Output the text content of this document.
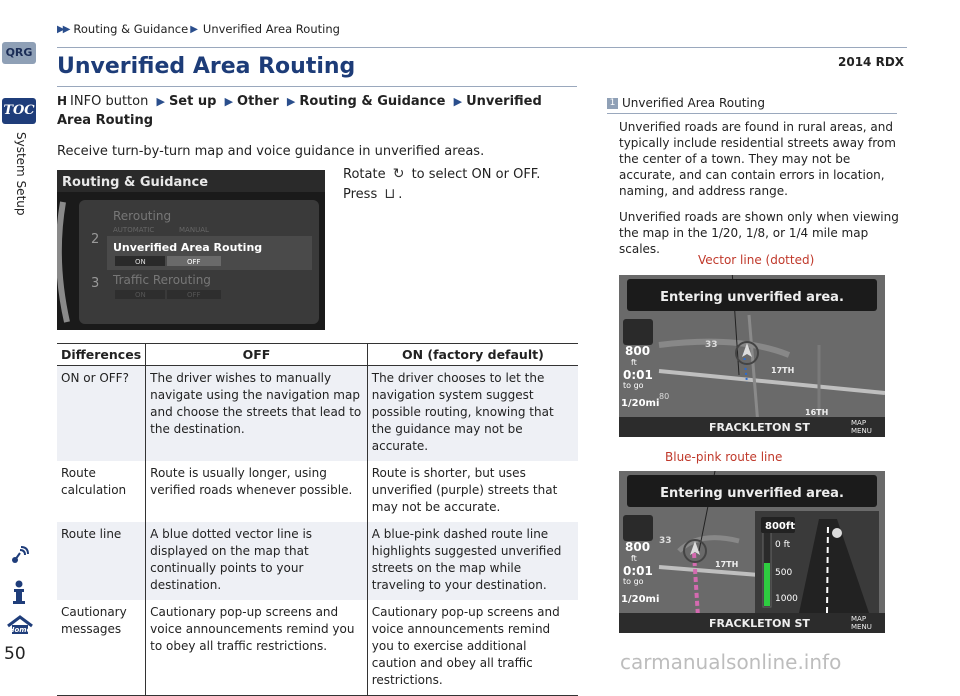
QRG
TOC
System Setup
Home
50
▶▶ Routing & Guidance ▶ Unverified Area Routing
2014 RDX
Unverified Area Routing
H INFO button ▶ Set up ▶ Other ▶ Routing & Guidance ▶ Unverified Area Routing
Receive turn-by-turn map and voice guidance in unverified areas.
Rotate ↻ to select ON or OFF.
Press ⊔ .
Routing & Guidance
2
3
Rerouting
AUTOMATIC	MANUAL
Unverified Area Routing
ON	OFF
Traffic Rerouting
ON	OFF
Differences	OFF	ON (factory default)
ON or OFF?	The driver wishes to manually navigate using the navigation map and choose the streets that lead to the destination.	The driver chooses to let the navigation system suggest possible routing, knowing that the guidance may not be accurate.
Route calculation	Route is usually longer, using verified roads whenever possible.	Route is shorter, but uses unverified (purple) streets that may not be accurate.
Route line	A blue dotted vector line is displayed on the map that continually points to your destination.	A blue-pink dashed route line highlights suggested unverified streets on the map while traveling to your destination.
Cautionary messages	Cautionary pop-up screens and voice announcements remind you to obey all traffic restrictions.	Cautionary pop-up screens and voice announcements remind you to exercise additional caution and obey all traffic restrictions.
1 Unverified Area Routing

Unverified roads are found in rural areas, and typically include residential streets away from the center of a town. They may not be accurate, and can contain errors in location, naming, and address range.

Unverified roads are shown only when viewing the map in the 1/20, 1/8, or 1/4 mile map scales.

Vector line (dotted)
Blue-pink route line
Entering unverified area.
800
ft
0:01
to go
1/20mi
33
80
17TH
16TH
FRACKLETON ST	MAP
MENU
Entering unverified area.
800
ft
0:01
to go
1/20mi
33
17TH
800ft
0 ft
500
1000
FRACKLETON ST	MAP
MENU
carmanualsonline.info
